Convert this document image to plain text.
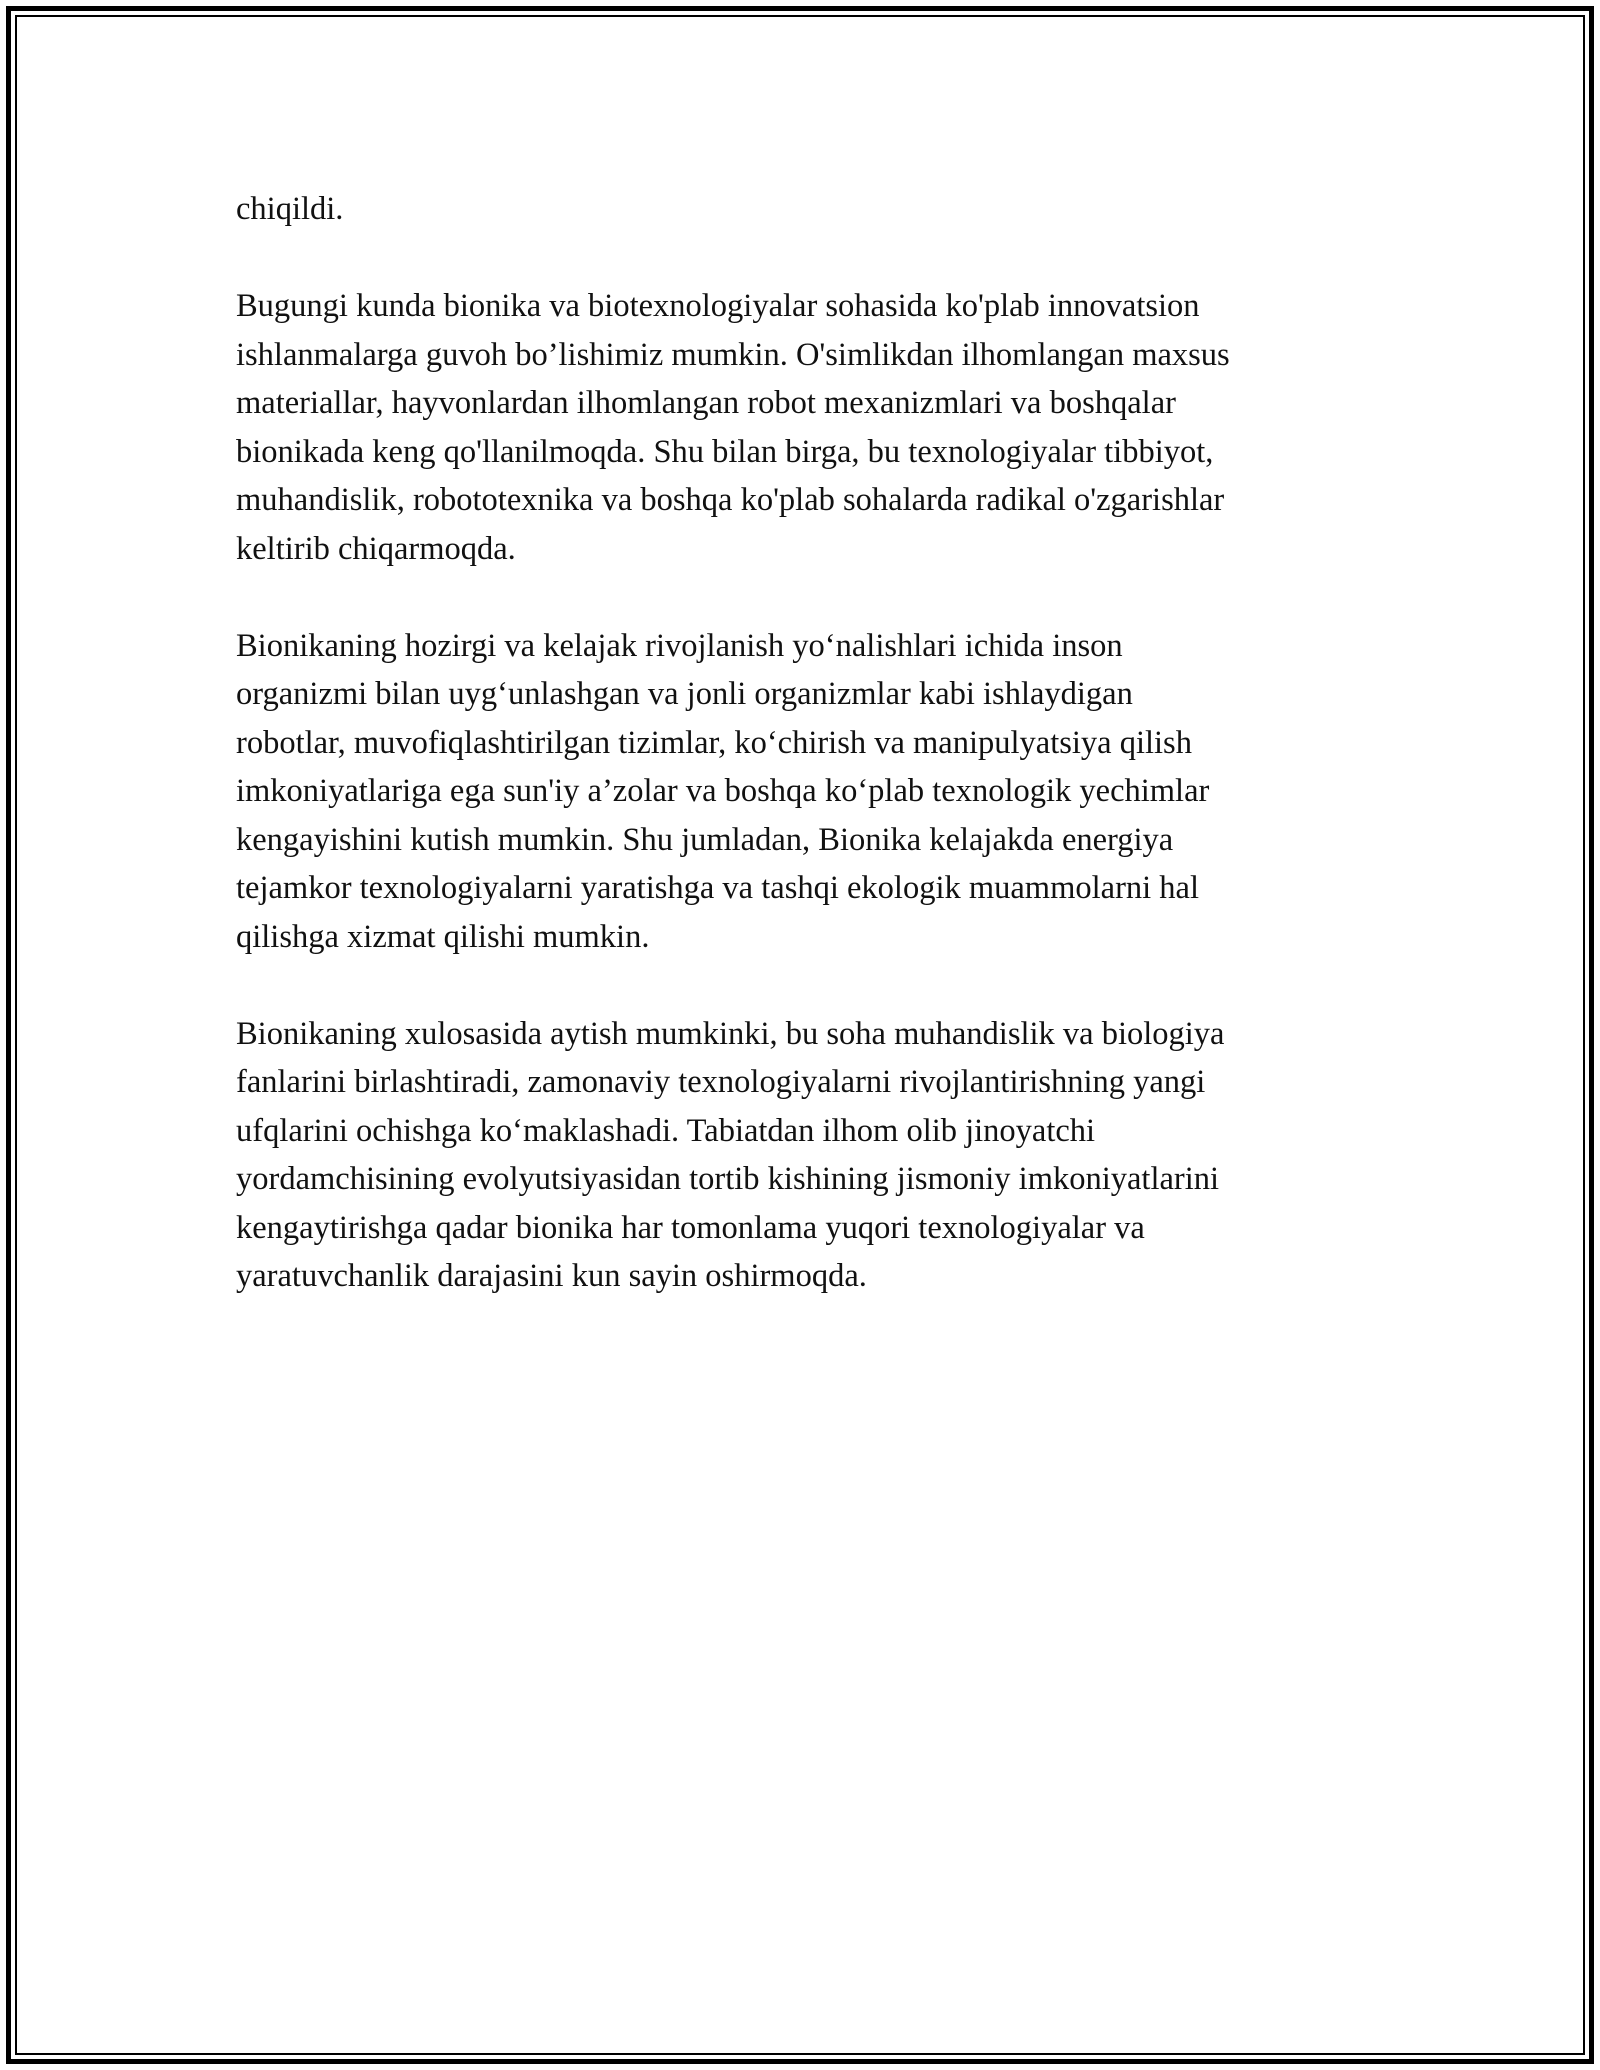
chiqildi.

Bugungi kunda bionika va biotexnologiyalar sohasida ko'plab innovatsion
ishlanmalarga guvoh bo’lishimiz mumkin. O'simlikdan ilhomlangan maxsus
materiallar, hayvonlardan ilhomlangan robot mexanizmlari va boshqalar
bionikada keng qo'llanilmoqda. Shu bilan birga, bu texnologiyalar tibbiyot,
muhandislik, robototexnika va boshqa ko'plab sohalarda radikal o'zgarishlar
keltirib chiqarmoqda.

Bionikaning hozirgi va kelajak rivojlanish yo‘nalishlari ichida inson
organizmi bilan uyg‘unlashgan va jonli organizmlar kabi ishlaydigan
robotlar, muvofiqlashtirilgan tizimlar, ko‘chirish va manipulyatsiya qilish
imkoniyatlariga ega sun'iy a’zolar va boshqa ko‘plab texnologik yechimlar
kengayishini kutish mumkin. Shu jumladan, Bionika kelajakda energiya
tejamkor texnologiyalarni yaratishga va tashqi ekologik muammolarni hal
qilishga xizmat qilishi mumkin.

Bionikaning xulosasida aytish mumkinki, bu soha muhandislik va biologiya
fanlarini birlashtiradi, zamonaviy texnologiyalarni rivojlantirishning yangi
ufqlarini ochishga ko‘maklashadi. Tabiatdan ilhom olib jinoyatchi
yordamchisining evolyutsiyasidan tortib kishining jismoniy imkoniyatlarini
kengaytirishga qadar bionika har tomonlama yuqori texnologiyalar va
yaratuvchanlik darajasini kun sayin oshirmoqda.
